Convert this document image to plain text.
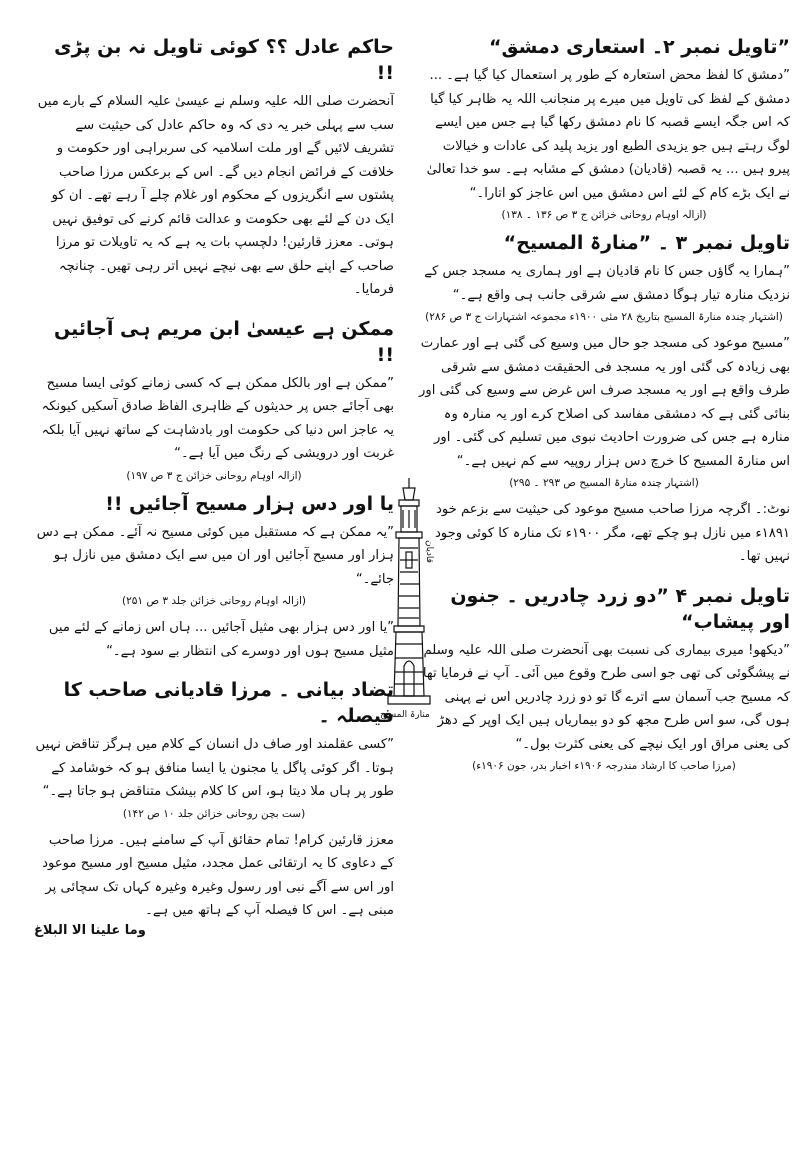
”تاویل نمبر ۲۔ استعاری دمشق“

”دمشق کا لفظ محض استعارہ کے طور پر استعمال کیا گیا ہے۔ ... دمشق کے لفظ کی تاویل میں میرے پر منجانب اللہ یہ ظاہر کیا گیا کہ اس جگہ ایسے قصبہ کا نام دمشق رکھا گیا ہے جس میں ایسے لوگ رہتے ہیں جو یزیدی الطبع اور یزید پلید کی عادات و خیالات پیرو ہیں ... یہ قصبہ (قادیان) دمشق کے مشابہ ہے۔ سو خدا تعالیٰ نے ایک بڑے کام کے لئے اس دمشق میں اس عاجز کو اتارا۔“

(ازالہ اوہام روحانی خزائن ج ۳ ص ۱۳۶ ۔ ۱۳۸)
تاویل نمبر ۳ ۔ ”منارۃ المسیح“

”ہمارا یہ گاؤں جس کا نام قادیان ہے اور ہماری یہ مسجد جس کے نزدیک منارہ تیار ہوگا دمشق سے شرقی جانب ہی واقع ہے۔“

(اشتہار چندہ منارۃ المسیح بتاریخ ۲۸ مئی ۱۹۰۰ء مجموعہ اشتہارات ج ۳ ص ۲۸۶)

”مسیح موعود کی مسجد جو حال میں وسیع کی گئی ہے اور عمارت بھی زیادہ کی گئی اور یہ مسجد فی الحقیقت دمشق سے شرقی طرف واقع ہے اور یہ مسجد صرف اس غرض سے وسیع کی گئی اور بنائی گئی ہے کہ دمشقی مفاسد کی اصلاح کرے اور یہ منارہ وہ منارہ ہے جس کی ضرورت احادیث نبوی میں تسلیم کی گئی۔ اور اس منارۃ المسیح کا خرچ دس ہزار روپیہ سے کم نہیں ہے۔“

(اشتہار چندہ منارۃ المسیح ص ۲۹۳ ۔ ۲۹۵)

نوٹ:۔ اگرچہ مرزا صاحب مسیح موعود کی حیثیت سے بزعم خود ۱۸۹۱ء میں نازل ہو چکے تھے، مگر ۱۹۰۰ء تک منارہ کا کوئی وجود نہیں تھا۔

تاویل نمبر ۴ ”دو زرد چادریں ۔ جنون اور پیشاب“

”دیکھو! میری بیماری کی نسبت بھی آنحضرت صلی اللہ علیہ وسلم نے پیشگوئی کی تھی جو اسی طرح وقوع میں آئی۔ آپ نے فرمایا تھا کہ مسیح جب آسمان سے اترے گا تو دو زرد چادریں اس نے پہنی ہوں گی، سو اس طرح مجھ کو دو بیماریاں ہیں ایک اوپر کے دھڑ کی یعنی مراق اور ایک نیچے کی یعنی کثرت بول۔“

(مرزا صاحب کا ارشاد مندرجہ ۱۹۰۶ء اخبار بدر، جون ۱۹۰۶ء)
قادیان
منارۃ المسیح
حاکم عادل ؟؟ کوئی تاویل نہ بن پڑی !!

آنحضرت صلی اللہ علیہ وسلم نے عیسیٰ علیہ السلام کے بارے میں سب سے پہلی خبر یہ دی کہ وہ حاکم عادل کی حیثیت سے تشریف لائیں گے اور ملت اسلامیہ کی سربراہی اور حکومت و خلافت کے فرائض انجام دیں گے۔ اس کے برعکس مرزا صاحب پشتوں سے انگریزوں کے محکوم اور غلام چلے آ رہے تھے۔ ان کو ایک دن کے لئے بھی حکومت و عدالت قائم کرنے کی توفیق نہیں ہوتی۔ معزز قارئین! دلچسپ بات یہ ہے کہ یہ تاویلات تو مرزا صاحب کے اپنے حلق سے بھی نیچے نہیں اتر رہی تھیں۔ چنانچہ فرمایا۔

ممکن ہے عیسیٰ ابن مریم ہی آجائیں !!

”ممکن ہے اور بالکل ممکن ہے کہ کسی زمانے کوئی ایسا مسیح بھی آجائے جس پر حدیثوں کے ظاہری الفاظ صادق آسکیں کیونکہ یہ عاجز اس دنیا کی حکومت اور بادشاہت کے ساتھ نہیں آیا بلکہ غربت اور درویشی کے رنگ میں آیا ہے۔“

(ازالہ اوہام روحانی خزائن ج ۳ ص ۱۹۷)
یا اور دس ہزار مسیح آجائیں !!

”یہ ممکن ہے کہ مستقبل میں کوئی مسیح نہ آئے۔ ممکن ہے دس ہزار اور مسیح آجائیں اور ان میں سے ایک دمشق میں نازل ہو جائے۔“

(ازالہ اوہام روحانی خزائن جلد ۳ ص ۲۵۱)

”یا اور دس ہزار بھی مثیل آجائیں ... ہاں اس زمانے کے لئے میں مثیل مسیح ہوں اور دوسرے کی انتظار بے سود ہے۔“

تضاد بیانی ۔ مرزا قادیانی صاحب کا فیصلہ ۔

”کسی عقلمند اور صاف دل انسان کے کلام میں ہرگز تناقض نہیں ہوتا۔ اگر کوئی پاگل یا مجنون یا ایسا منافق ہو کہ خوشامد کے طور پر ہاں ملا دیتا ہو، اس کا کلام بیشک متناقض ہو جاتا ہے۔“

(ست بچن روحانی خزائن جلد ۱۰ ص ۱۴۲)

معزز قارئین کرام! تمام حقائق آپ کے سامنے ہیں۔ مرزا صاحب کے دعاوی کا یہ ارتقائی عمل مجدد، مثیل مسیح اور مسیح موعود اور اس سے آگے نبی اور رسول وغیرہ وغیرہ کہاں تک سچائی پر مبنی ہے۔ اس کا فیصلہ آپ کے ہاتھ میں ہے۔

وما علینا الا البلاغ
